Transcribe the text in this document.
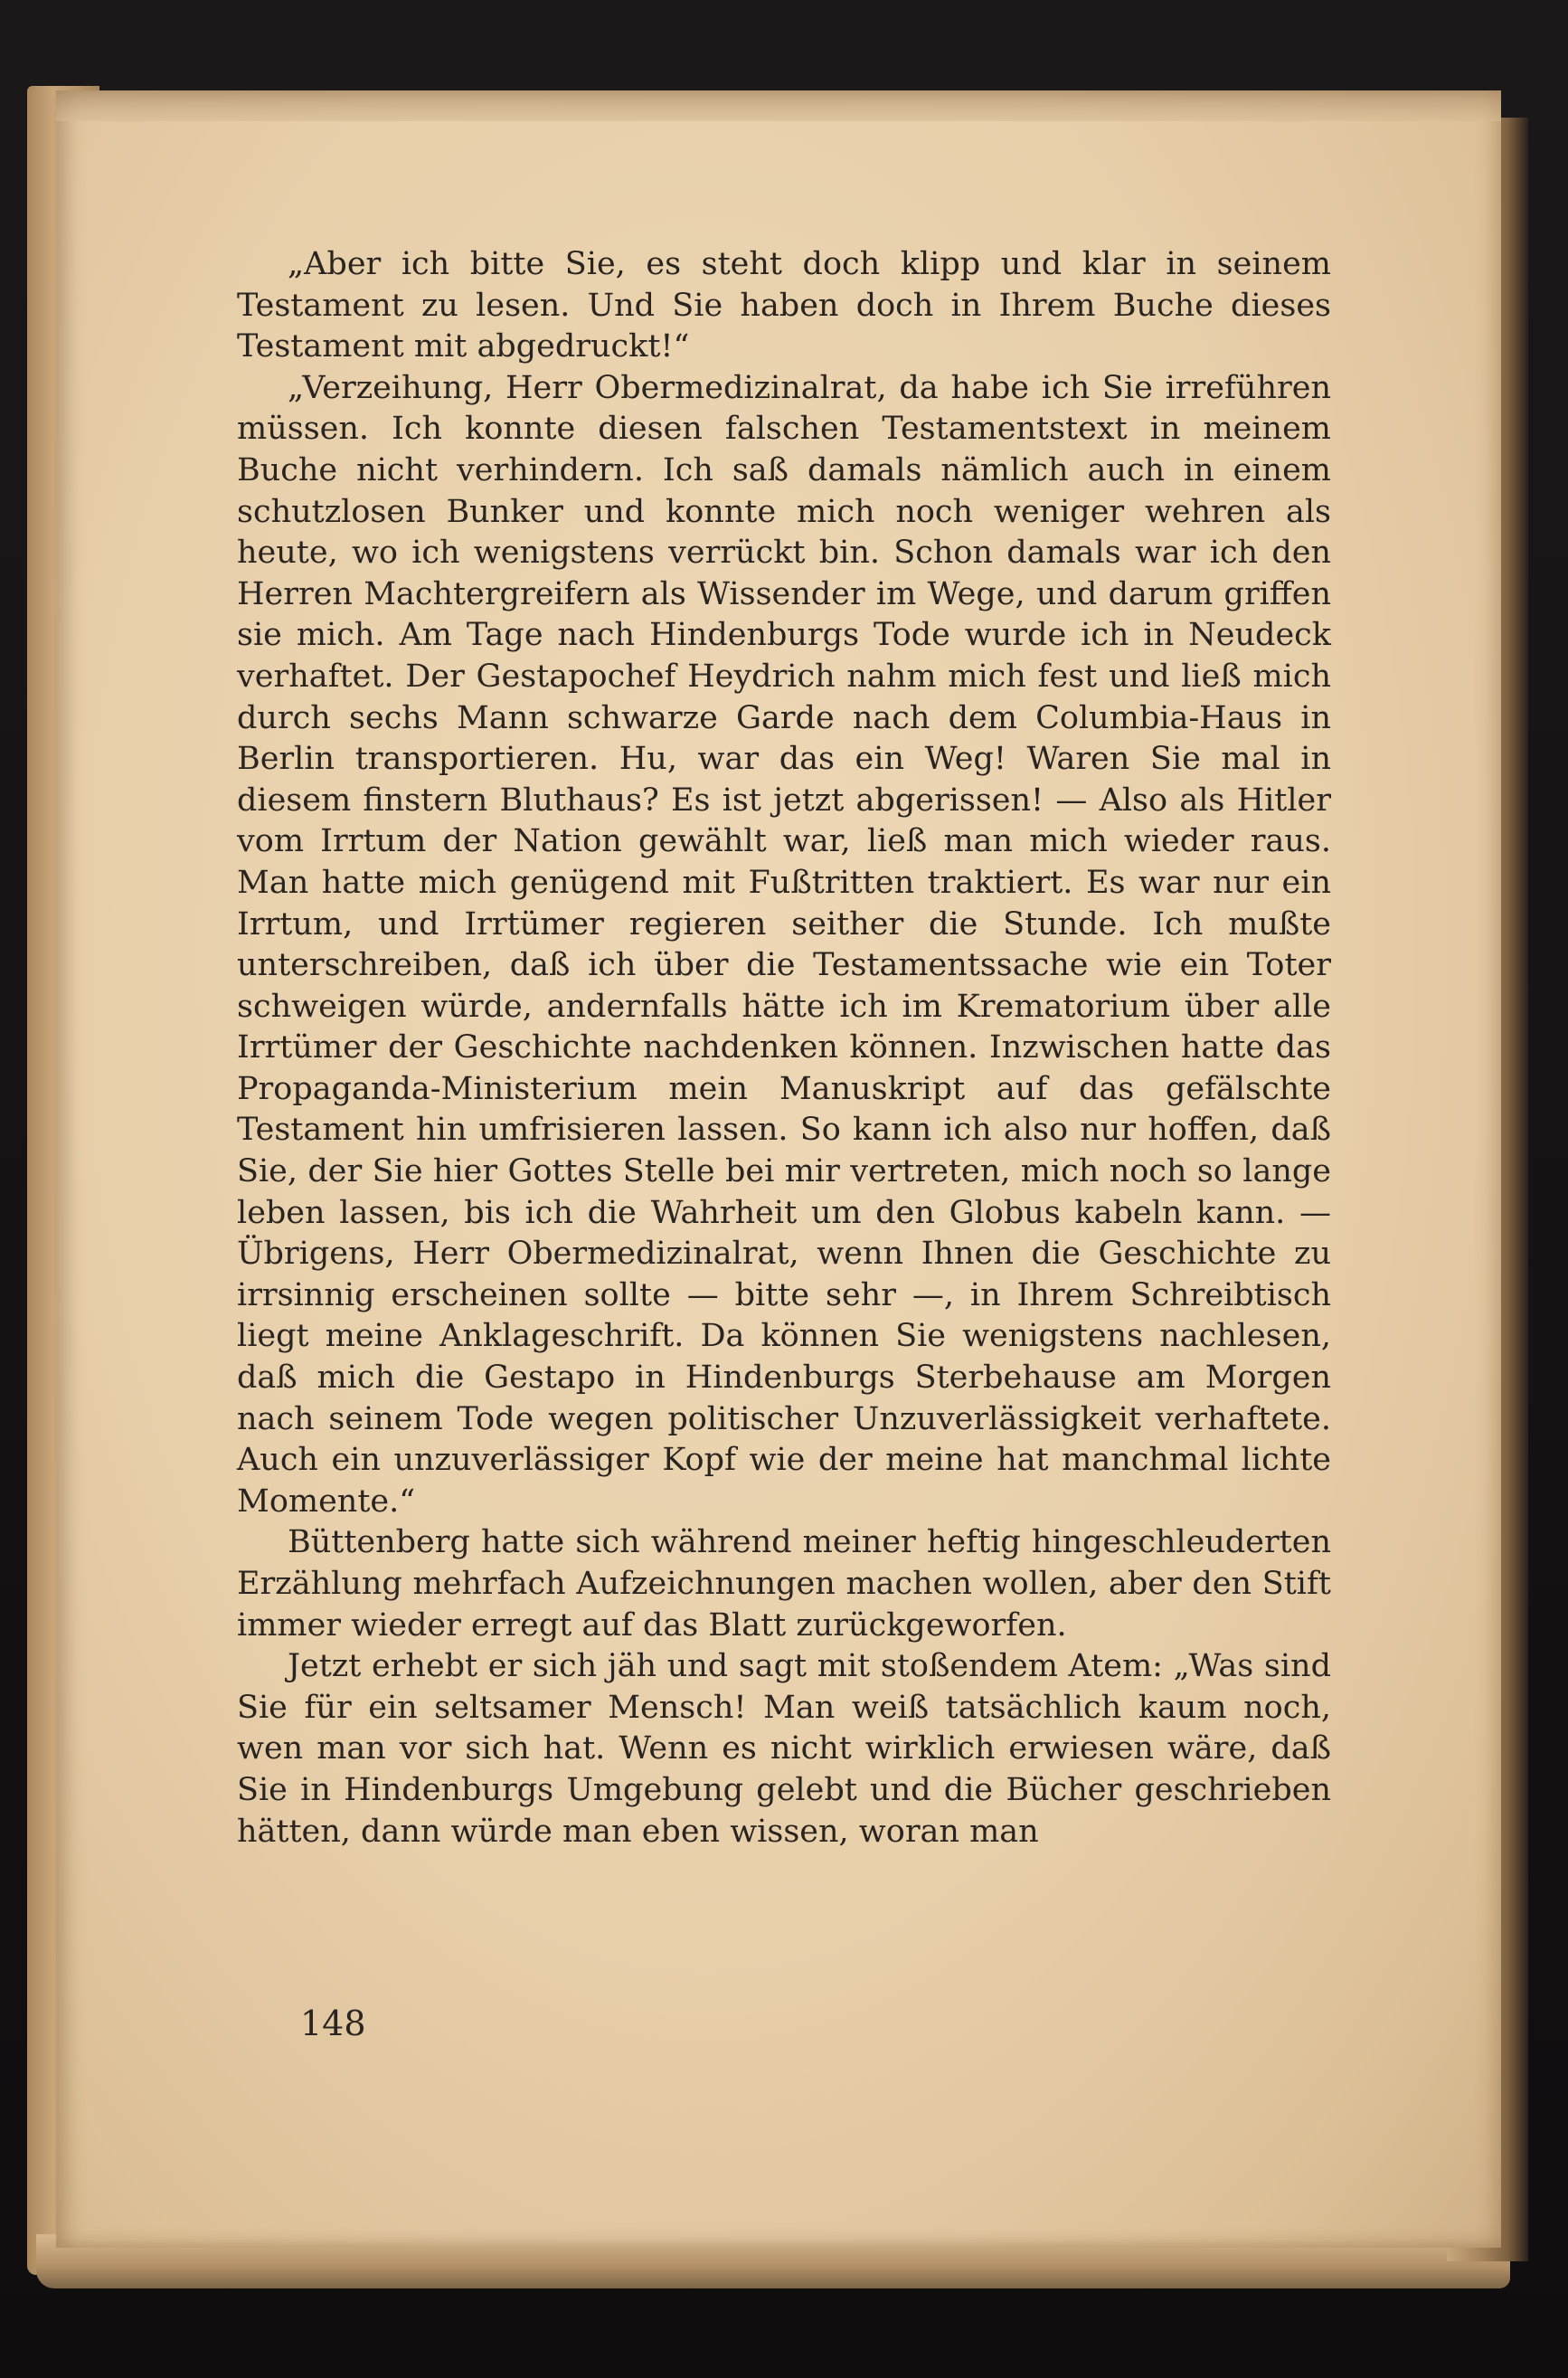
„Aber ich bitte Sie, es steht doch klipp und klar in seinem Testament zu lesen. Und Sie haben doch in Ihrem Buche dieses Testament mit abgedruckt!“

„Verzeihung, Herr Obermedizinalrat, da habe ich Sie irreführen müssen. Ich konnte diesen falschen Testamentstext in meinem Buche nicht verhindern. Ich saß damals nämlich auch in einem schutzlosen Bunker und konnte mich noch weniger wehren als heute, wo ich wenigstens verrückt bin. Schon damals war ich den Herren Machtergreifern als Wissender im Wege, und darum griffen sie mich. Am Tage nach Hindenburgs Tode wurde ich in Neudeck verhaftet. Der Gestapochef Heydrich nahm mich fest und ließ mich durch sechs Mann schwarze Garde nach dem Columbia-Haus in Berlin transportieren. Hu, war das ein Weg! Waren Sie mal in diesem finstern Bluthaus? Es ist jetzt abgerissen! — Also als Hitler vom Irrtum der Nation gewählt war, ließ man mich wieder raus. Man hatte mich genügend mit Fußtritten traktiert. Es war nur ein Irrtum, und Irrtümer regieren seither die Stunde. Ich mußte unterschreiben, daß ich über die Testamentssache wie ein Toter schweigen würde, andernfalls hätte ich im Krematorium über alle Irrtümer der Geschichte nachdenken können. Inzwischen hatte das Propaganda-Ministerium mein Manuskript auf das gefälschte Testament hin umfrisieren lassen. So kann ich also nur hoffen, daß Sie, der Sie hier Gottes Stelle bei mir vertreten, mich noch so lange leben lassen, bis ich die Wahrheit um den Globus kabeln kann. — Übrigens, Herr Obermedizinalrat, wenn Ihnen die Geschichte zu irrsinnig erscheinen sollte — bitte sehr —, in Ihrem Schreibtisch liegt meine Anklageschrift. Da können Sie wenigstens nachlesen, daß mich die Gestapo in Hindenburgs Sterbehause am Morgen nach seinem Tode wegen politischer Unzuverlässigkeit verhaftete. Auch ein unzuverlässiger Kopf wie der meine hat manchmal lichte Momente.“

Büttenberg hatte sich während meiner heftig hingeschleuderten Erzählung mehrfach Aufzeichnungen machen wollen, aber den Stift immer wieder erregt auf das Blatt zurückgeworfen.

Jetzt erhebt er sich jäh und sagt mit stoßendem Atem: „Was sind Sie für ein seltsamer Mensch! Man weiß tatsächlich kaum noch, wen man vor sich hat. Wenn es nicht wirklich erwiesen wäre, daß Sie in Hindenburgs Umgebung gelebt und die Bücher geschrieben hätten, dann würde man eben wissen, woran man

148
